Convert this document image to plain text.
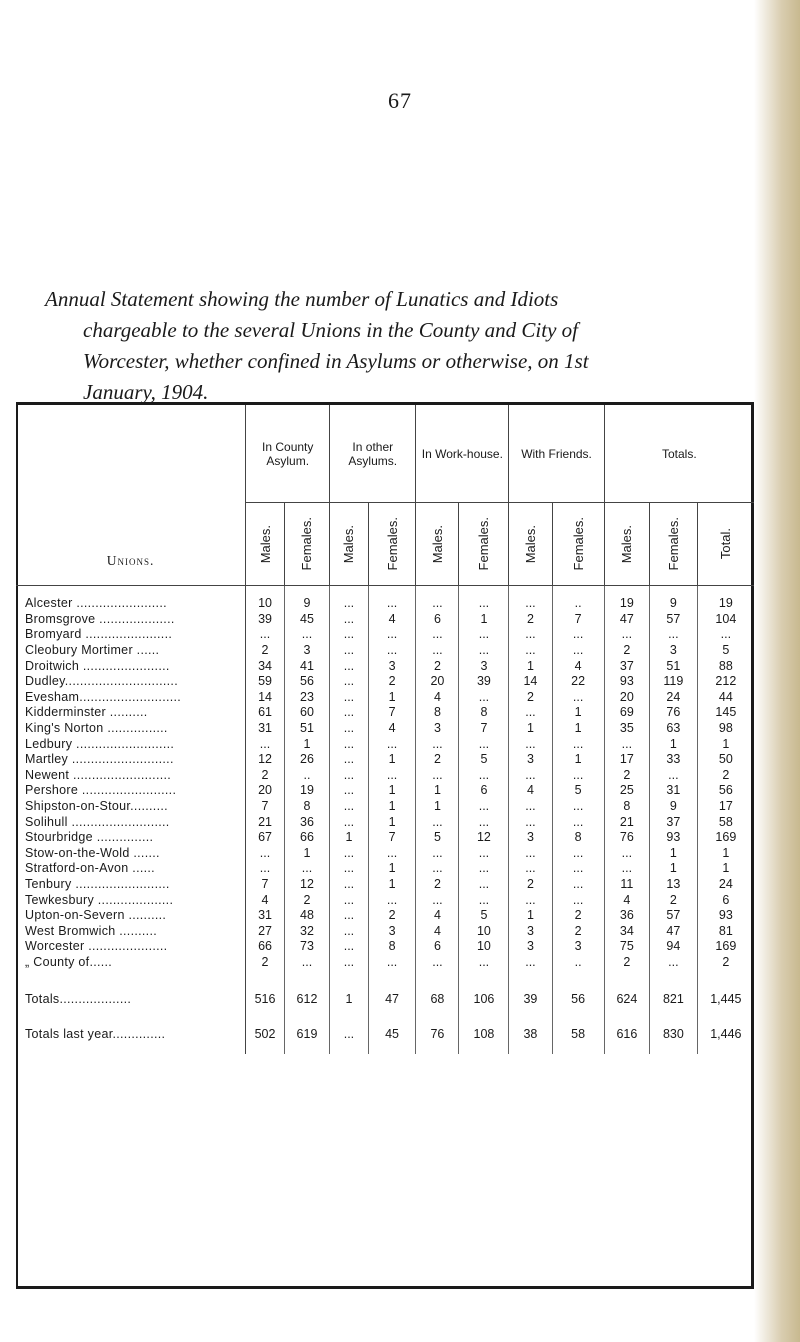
67

Annual Statement showing the number of Lunatics and Idiots
chargeable to the several Unions in the County and City of
Worcester, whether confined in Asylums or otherwise, on 1st
January, 1904.

Unions.	In County Asylum.		In other Asylums.		In Work-house.		With Friends.		Totals.		

	Males.	Females.	Males.	Females.	Males.	Females.	Males.	Females.	Males.	Females.	Total.

Alcester ........................	10	9	...	...	...	...	...	..	19	9	19
Bromsgrove ....................	39	45	...	4	6	1	2	7	47	57	104
Bromyard .......................	...	...	...	...	...	...	...	...	...	...	...
Cleobury Mortimer ......	2	3	...	...	...	...	...	...	2	3	5
Droitwich .......................	34	41	...	3	2	3	1	4	37	51	88
Dudley..............................	59	56	...	2	20	39	14	22	93	119	212
Evesham...........................	14	23	...	1	4	...	2	...	20	24	44
Kidderminster ..........	61	60	...	7	8	8	...	1	69	76	145
King's Norton ................	31	51	...	4	3	7	1	1	35	63	98
Ledbury ..........................	...	1	...	...	...	...	...	...	...	1	1
Martley ...........................	12	26	...	1	2	5	3	1	17	33	50
Newent ..........................	2	..	...	...	...	...	...	...	2	...	2
Pershore .........................	20	19	...	1	1	6	4	5	25	31	56
Shipston-on-Stour..........	7	8	...	1	1	...	...	...	8	9	17
Solihull ..........................	21	36	...	1	...	...	...	...	21	37	58
Stourbridge ...............	67	66	1	7	5	12	3	8	76	93	169
Stow-on-the-Wold .......	...	1	...	...	...	...	...	...	...	1	1
Stratford-on-Avon ......	...	...	...	1	...	...	...	...	...	1	1
Tenbury .........................	7	12	...	1	2	...	2	...	11	13	24
Tewkesbury ....................	4	2	...	...	...	...	...	...	4	2	6
Upton-on-Severn ..........	31	48	...	2	4	5	1	2	36	57	93
West Bromwich ..........	27	32	...	3	4	10	3	2	34	47	81
Worcester .....................	66	73	...	8	6	10	3	3	75	94	169
„ County of......	2	...	...	...	...	...	...	..	2	...	2

Totals...................	516	612	1	47	68	106	39	56	624	821	1,445
Totals last year..............	502	619	...	45	76	108	38	58	616	830	1,446
